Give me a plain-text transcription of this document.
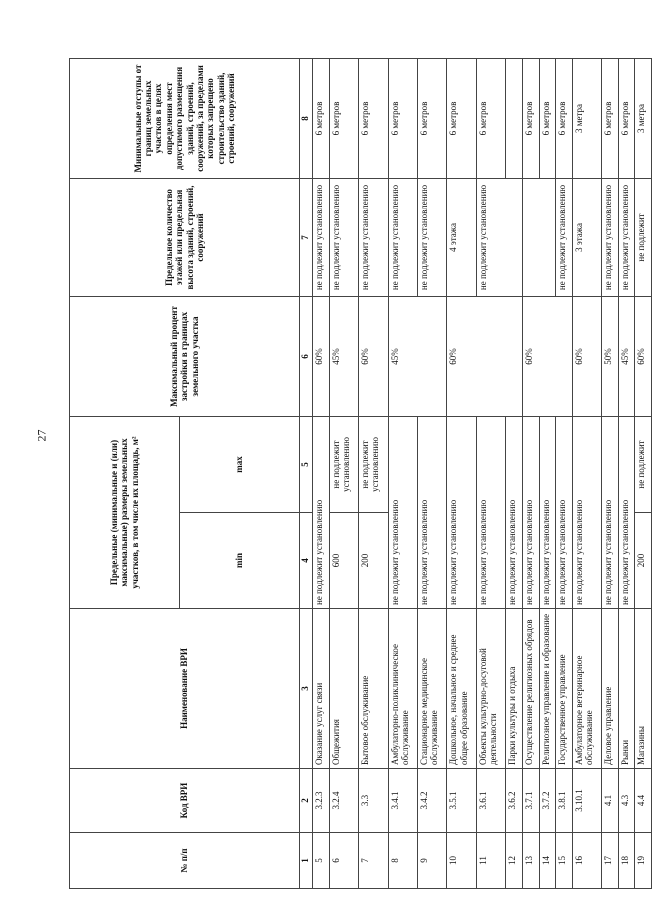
27
№ п/п	Код ВРИ	Наименование ВРИ	Предельные (минимальные и (или) максимальные) размеры земельных участков, в том числе их площадь, м²		Максимальный процент застройки в границах земельного участка	Предельное количество этажей или предельная высота зданий, строений, сооружений	Минимальные отступы от границ земельных участков в целях определения мест допустимого размещения зданий, строений, сооружений, за пределами которых запрещено строительство зданий, строений, сооружений
			min	max			
1	2	3	4	5	6	7	8
5	3.2.3	Оказание услуг связи	не подлежит установлению		60%	не подлежит установлению	6 метров
6	3.2.4	Общежития	600	не подлежит установлению	45%	не подлежит установлению	6 метров
7	3.3	Бытовое обслуживание	200	не подлежит установлению	60%	не подлежит установлению	6 метров
8	3.4.1	Амбулаторно-поликлиническое обслуживание	не подлежит установлению		45%	не подлежит установлению	6 метров
9	3.4.2	Стационарное медицинское обслуживание	не подлежит установлению			не подлежит установлению	6 метров
10	3.5.1	Дошкольное, начальное и среднее общее образование	не подлежит установлению		60%	4 этажа	6 метров
11	3.6.1	Объекты культурно-досуговой деятельности	не подлежит установлению			не подлежит установлению	6 метров
12	3.6.2	Парки культуры и отдыха	не подлежит установлению				
13	3.7.1	Осуществление религиозных обрядов	не подлежит установлению		60%		6 метров
14	3.7.2	Религиозное управление и образование	не подлежит установлению				6 метров
15	3.8.1	Государственное управление	не подлежит установлению			не подлежит установлению	6 метров
16	3.10.1	Амбулаторное ветеринарное обслуживание	не подлежит установлению		60%	3 этажа	3 метра
17	4.1	Деловое управление	не подлежит установлению		50%	не подлежит установлению	6 метров
18	4.3	Рынки	не подлежит установлению		45%	не подлежит установлению	6 метров
19	4.4	Магазины	200	не подлежит	60%	не подлежит	3 метра
